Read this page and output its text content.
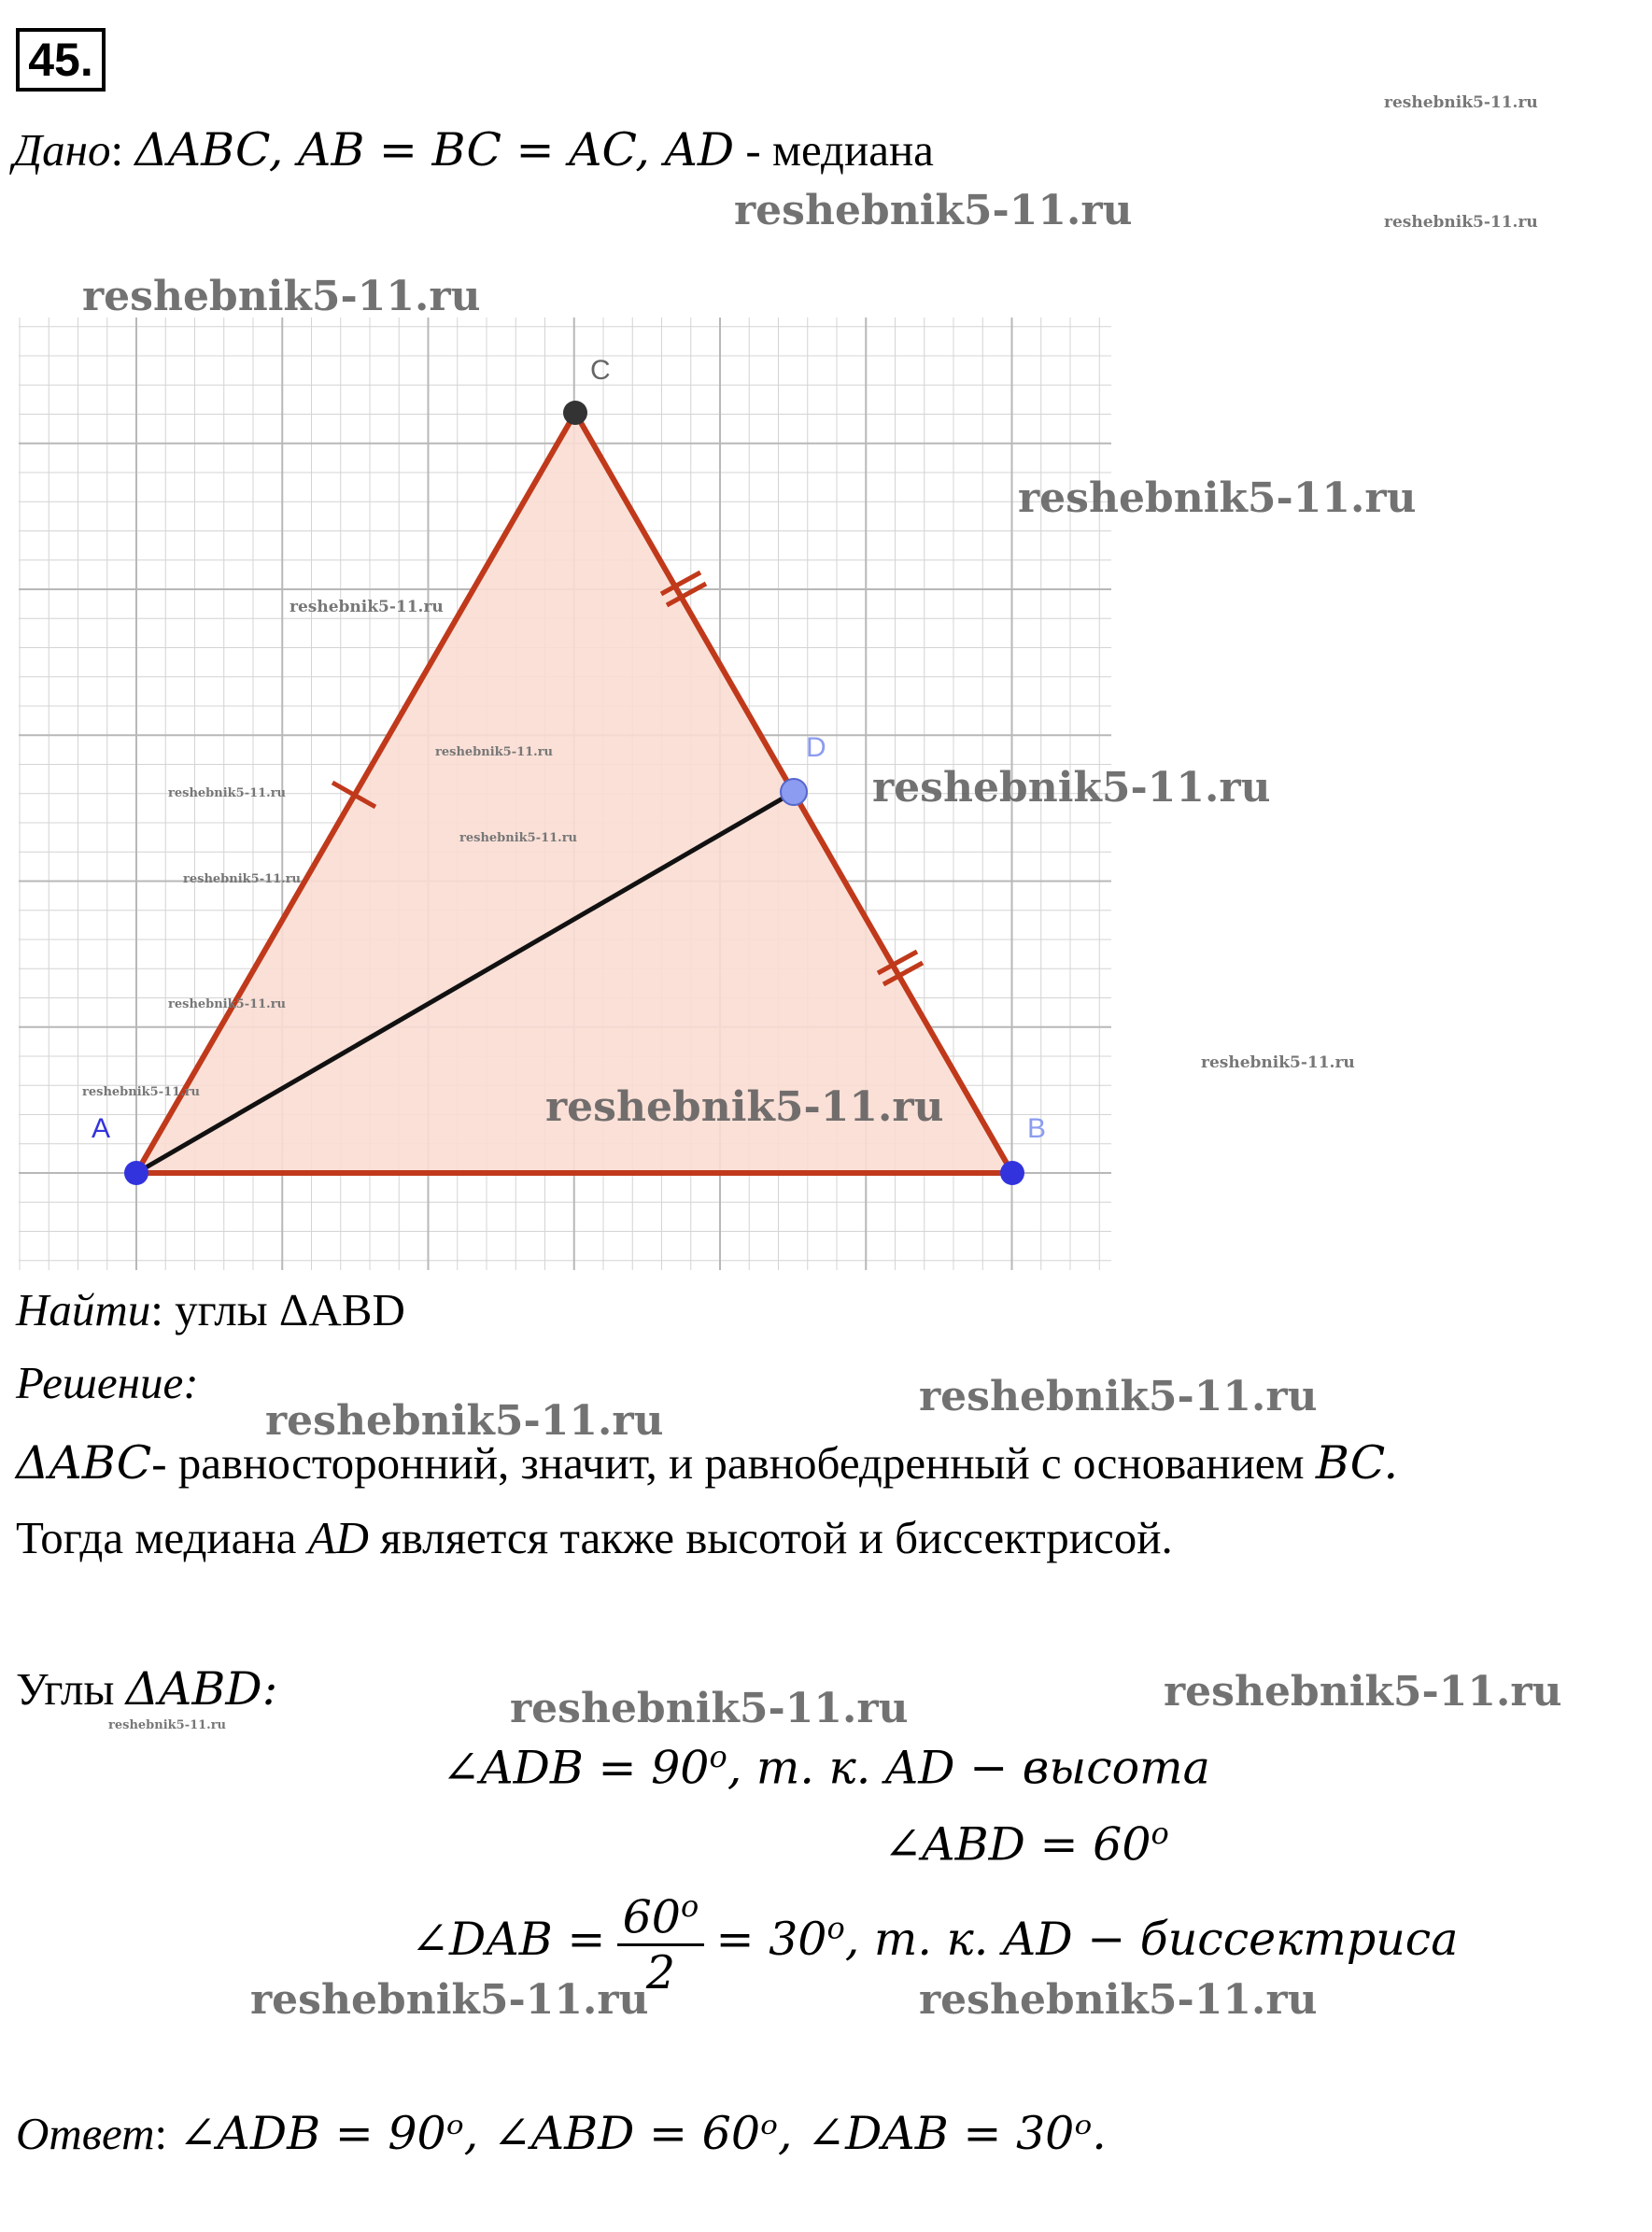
45.
Дано: ΔABC, AB = BC = AC, AD - медиана
A	B
C
D
Найти: углы ΔABD
Решение:
ΔABC- равносторонний, значит, и равнобедренный с основанием BC.
Тогда медиана AD является также высотой и биссектрисой.
Углы ΔABD:
∠ADB = $90^o$, т. к. AD − высота
∠ABD = $60^o$
∠DAB = $\frac{60^o}{2} = 30^o$, т. к. AD − биссектриса
Ответ: ∠ADB = 90ᵒ, ∠ABD = 60ᵒ, ∠DAB = 30ᵒ.
reshebnik5-11.ru
reshebnik5-11.ru
reshebnik5-11.ru
reshebnik5-11.ru
reshebnik5-11.ru
reshebnik5-11.ru
reshebnik5-11.ru
reshebnik5-11.ru	reshebnik5-11.ru
reshebnik5-11.ru
reshebnik5-11.ru
reshebnik5-11.ru
reshebnik5-11.ru
reshebnik5-11.ru	reshebnik5-11.ru
reshebnik5-11.ru
reshebnik5-11.ru
reshebnik5-11.ru
reshebnik5-11.ru
reshebnik5-11.ru
reshebnik5-11.ru	reshebnik5-11.ru
